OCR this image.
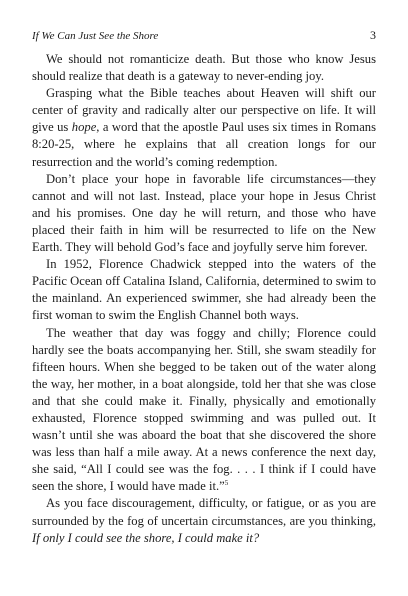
If We Can Just See the Shore	3

We should not romanticize death. But those who know Jesus should realize that death is a gateway to never-ending joy.

Grasping what the Bible teaches about Heaven will shift our center of gravity and radically alter our perspective on life. It will give us hope, a word that the apostle Paul uses six times in Romans 8:20-25, where he explains that all creation longs for our resurrection and the world’s coming redemption.

Don’t place your hope in favorable life circumstances—they cannot and will not last. Instead, place your hope in Jesus Christ and his promises. One day he will return, and those who have placed their faith in him will be resurrected to life on the New Earth. They will behold God’s face and joyfully serve him forever.

In 1952, Florence Chadwick stepped into the waters of the Pacific Ocean off Catalina Island, California, determined to swim to the mainland. An experienced swimmer, she had already been the first woman to swim the English Channel both ways.

The weather that day was foggy and chilly; Florence could hardly see the boats accompanying her. Still, she swam steadily for fifteen hours. When she begged to be taken out of the water along the way, her mother, in a boat alongside, told her that she was close and that she could make it. Finally, physically and emotionally exhausted, Florence stopped swimming and was pulled out. It wasn’t until she was aboard the boat that she discovered the shore was less than half a mile away. At a news conference the next day, she said, “All I could see was the fog. . . . I think if I could have seen the shore, I would have made it.”$^5$

As you face discouragement, difficulty, or fatigue, or as you are surrounded by the fog of uncertain circumstances, are you thinking, If only I could see the shore, I could make it?
